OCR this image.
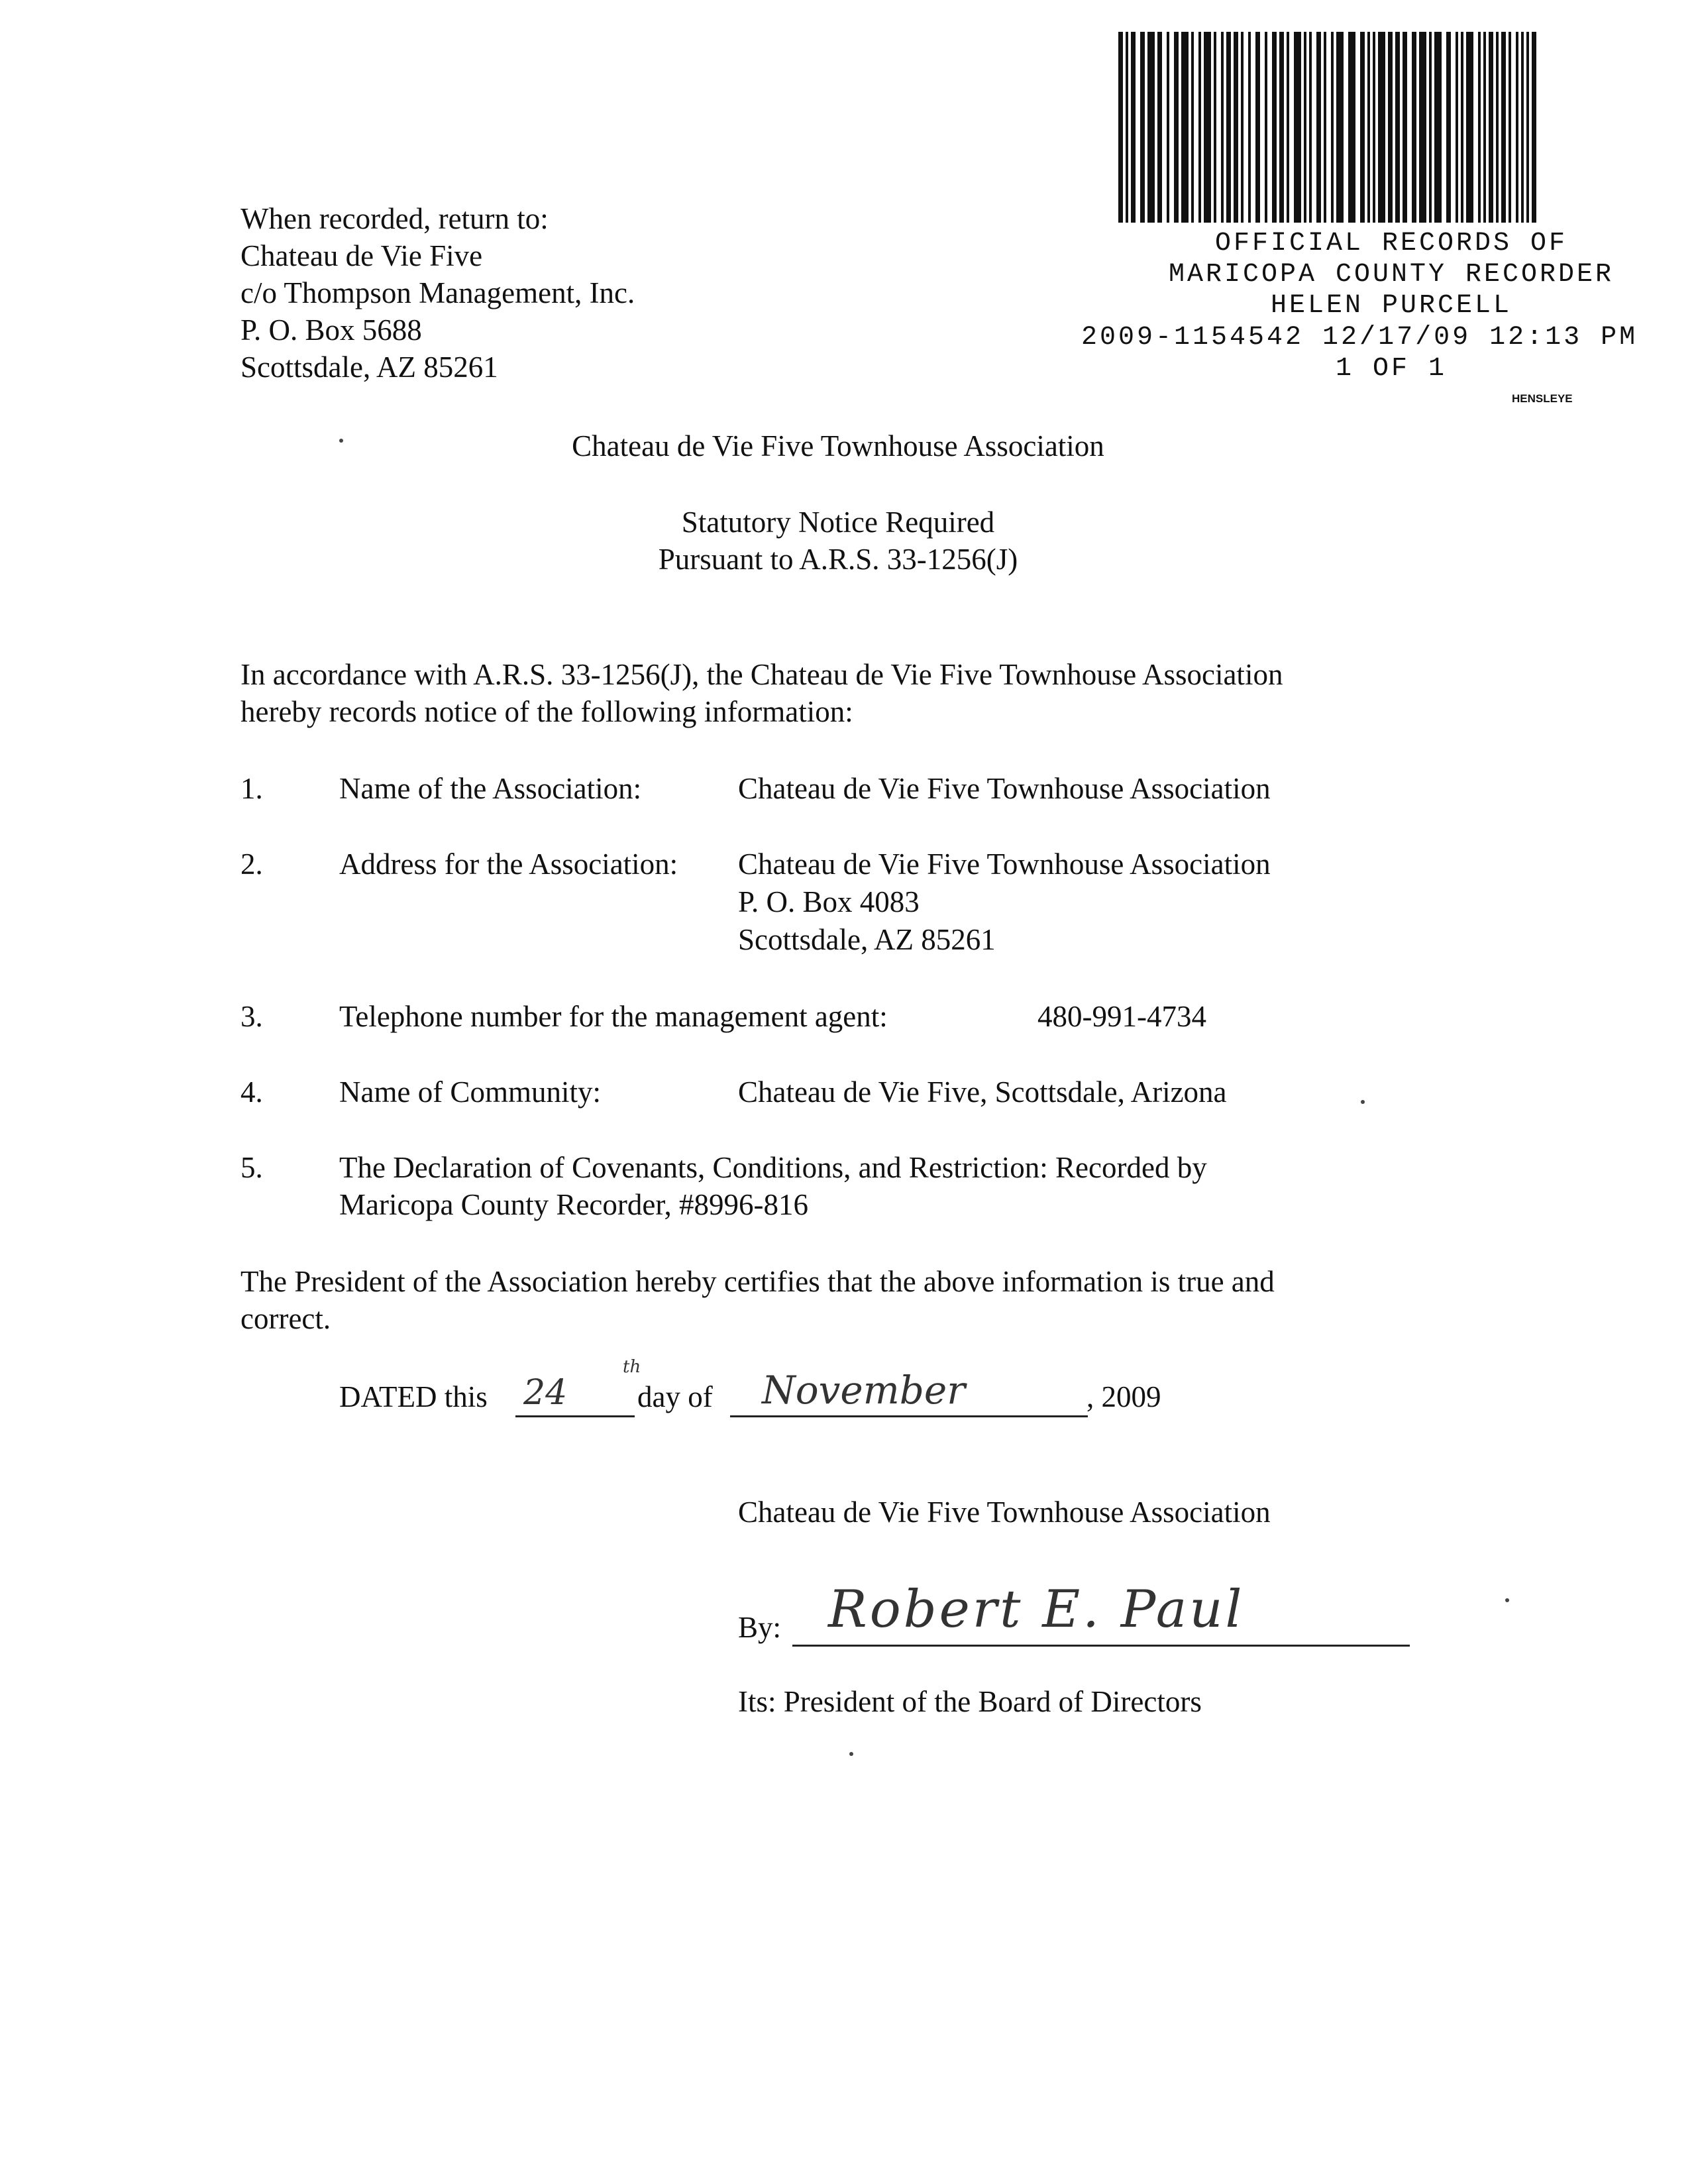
When recorded, return to:
Chateau de Vie Five
c/o Thompson Management, Inc.
P. O. Box 5688
Scottsdale, AZ 85261
OFFICIAL RECORDS OF
MARICOPA COUNTY RECORDER
HELEN PURCELL
2009-1154542 12/17/09 12:13 PM
1 OF 1
HENSLEYE
Chateau de Vie Five Townhouse Association
Statutory Notice Required
Pursuant to A.R.S. 33-1256(J)
In accordance with A.R.S. 33-1256(J), the Chateau de Vie Five Townhouse Association
hereby records notice of the following information:
1.	Name of the Association:	Chateau de Vie Five Townhouse Association
2.	Address for the Association: Chateau de Vie Five Townhouse Association
P. O. Box 4083
Scottsdale, AZ 85261
3.	Telephone number for the management agent:	480-991-4734
4.	Name of Community:	Chateau de Vie Five, Scottsdale, Arizona
5.	The Declaration of Covenants, Conditions, and Restriction: Recorded by
Maricopa County Recorder, #8996-816
The President of the Association hereby certifies that the above information is true and
correct.
DATED this 24
th
day of November	, 2009
Chateau de Vie Five Townhouse Association
By: Robert E. Paul
Its: President of the Board of Directors
